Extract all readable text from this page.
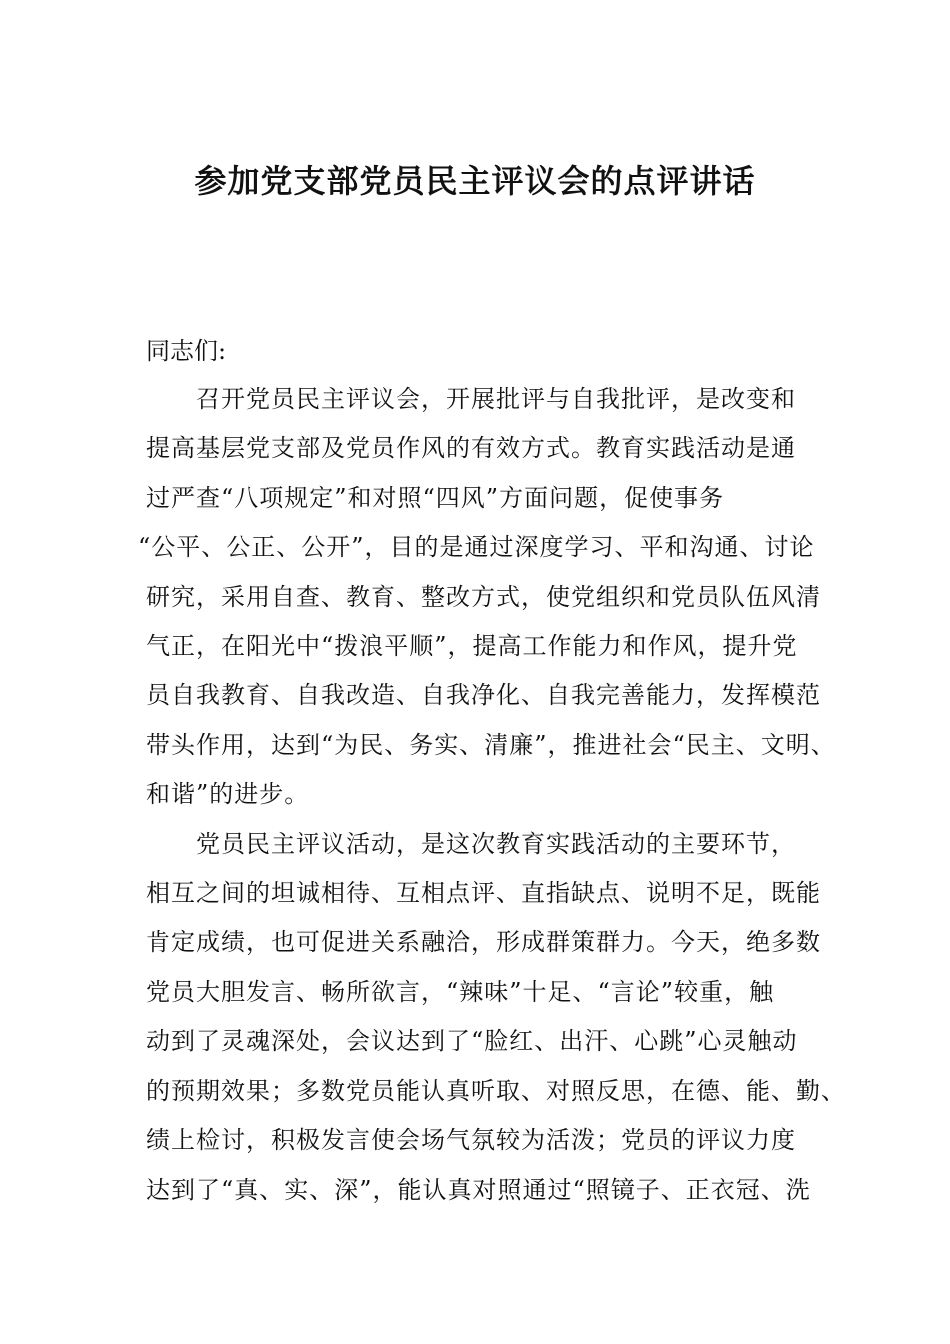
参加党支部党员民主评议会的点评讲话
同志们:

召开党员民主评议会，开展批评与自我批评，是改变和
提高基层党支部及党员作风的有效方式。教育实践活动是通
过严查“八项规定”和对照“四风”方面问题，促使事务
“公平、公正、公开”，目的是通过深度学习、平和沟通、讨论
研究，采用自查、教育、整改方式，使党组织和党员队伍风清
气正，在阳光中“拨浪平顺”，提高工作能力和作风，提升党
员自我教育、自我改造、自我净化、自我完善能力，发挥模范
带头作用，达到“为民、务实、清廉”，推进社会“民主、文明、
和谐”的进步。

党员民主评议活动，是这次教育实践活动的主要环节，
相互之间的坦诚相待、互相点评、直指缺点、说明不足，既能
肯定成绩，也可促进关系融洽，形成群策群力。今天，绝多数
党员大胆发言、畅所欲言，“辣味”十足、“言论”较重，触
动到了灵魂深处，会议达到了“脸红、出汗、心跳”心灵触动
的预期效果；多数党员能认真听取、对照反思，在德、能、勤、
绩上检讨，积极发言使会场气氛较为活泼；党员的评议力度
达到了“真、实、深”，能认真对照通过“照镜子、正衣冠、洗
